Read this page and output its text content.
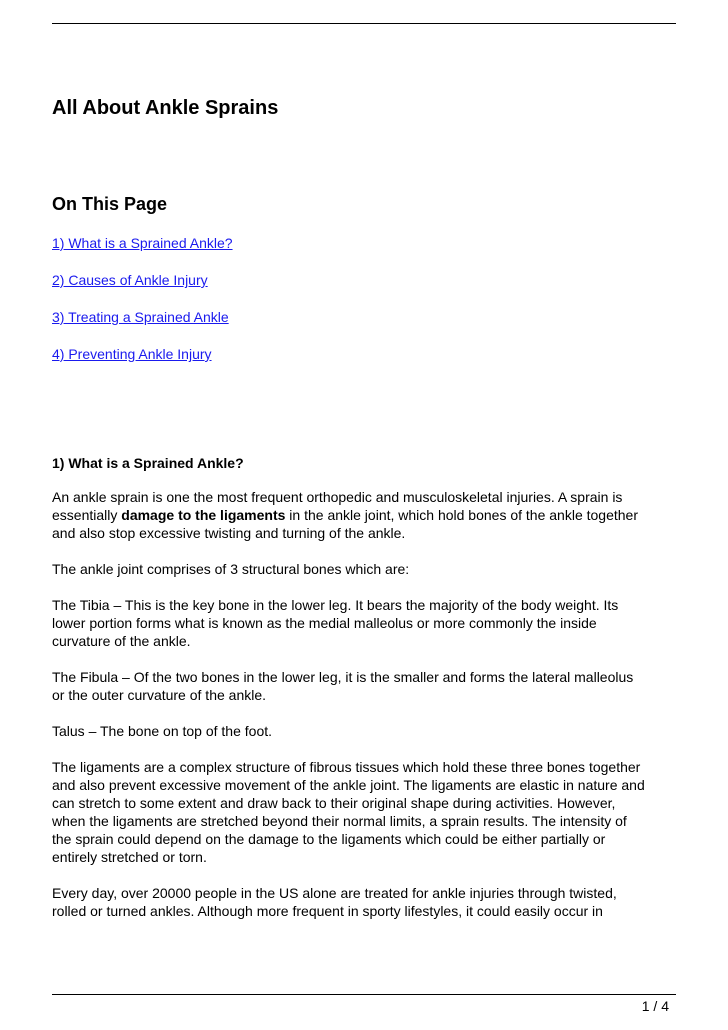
All About Ankle Sprains
On This Page
1) What is a Sprained Ankle?
2) Causes of Ankle Injury
3) Treating a Sprained Ankle
4) Preventing Ankle Injury
1) What is a Sprained Ankle?

An ankle sprain is one the most frequent orthopedic and musculoskeletal injuries. A sprain is
essentially damage to the ligaments in the ankle joint, which hold bones of the ankle together
and also stop excessive twisting and turning of the ankle.

The ankle joint comprises of 3 structural bones which are:

The Tibia – This is the key bone in the lower leg. It bears the majority of the body weight. Its
lower portion forms what is known as the medial malleolus or more commonly the inside
curvature of the ankle.

The Fibula – Of the two bones in the lower leg, it is the smaller and forms the lateral malleolus
or the outer curvature of the ankle.

Talus – The bone on top of the foot.

The ligaments are a complex structure of fibrous tissues which hold these three bones together
and also prevent excessive movement of the ankle joint. The ligaments are elastic in nature and
can stretch to some extent and draw back to their original shape during activities. However,
when the ligaments are stretched beyond their normal limits, a sprain results. The intensity of
the sprain could depend on the damage to the ligaments which could be either partially or
entirely stretched or torn.

Every day, over 20000 people in the US alone are treated for ankle injuries through twisted,
rolled or turned ankles. Although more frequent in sporty lifestyles, it could easily occur in

1 / 4
